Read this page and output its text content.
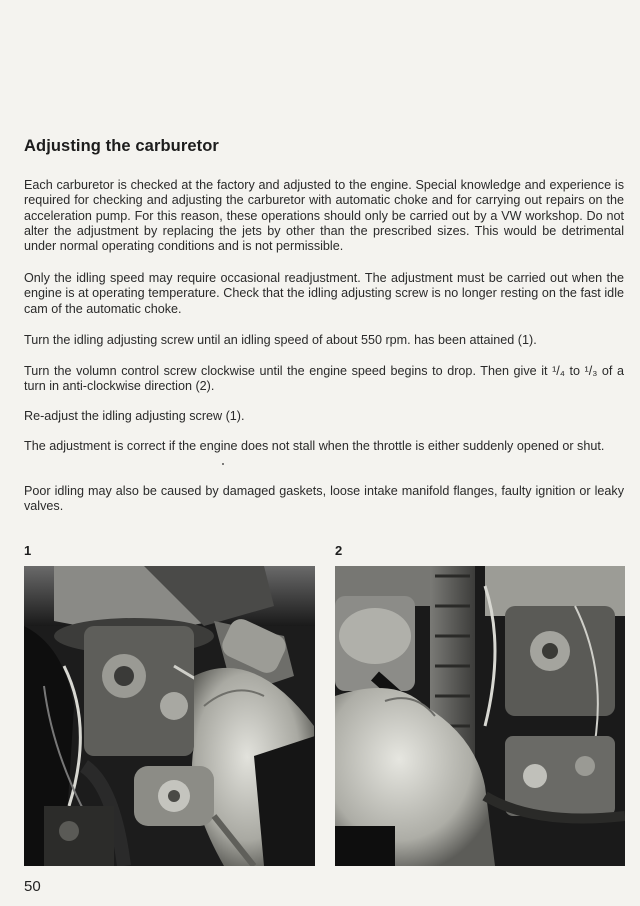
Adjusting the carburetor

Each carburetor is checked at the factory and adjusted to the engine. Special knowledge and experience is required for checking and adjusting the carburetor with automatic choke and for carrying out repairs on the acceleration pump. For this reason, these operations should only be carried out by a VW workshop. Do not alter the adjustment by replacing the jets by other than the prescribed sizes. This would be detrimental under normal operating conditions and is not permissible.

Only the idling speed may require occasional readjustment. The adjustment must be carried out when the engine is at operating temperature. Check that the idling adjusting screw is no longer resting on the fast idle cam of the automatic choke.

Turn the idling adjusting screw until an idling speed of about 550 rpm. has been attained (1).

Turn the volumn control screw clockwise until the engine speed begins to drop. Then give it ¹/₄ to ¹/₃ of a turn in anti-clockwise direction (2).

Re-adjust the idling adjusting screw (1).

The adjustment is correct if the engine does not stall when the throttle is either suddenly opened or shut.

Poor idling may also be caused by damaged gaskets, loose intake manifold flanges, faulty ignition or leaky valves.

1	2
50
